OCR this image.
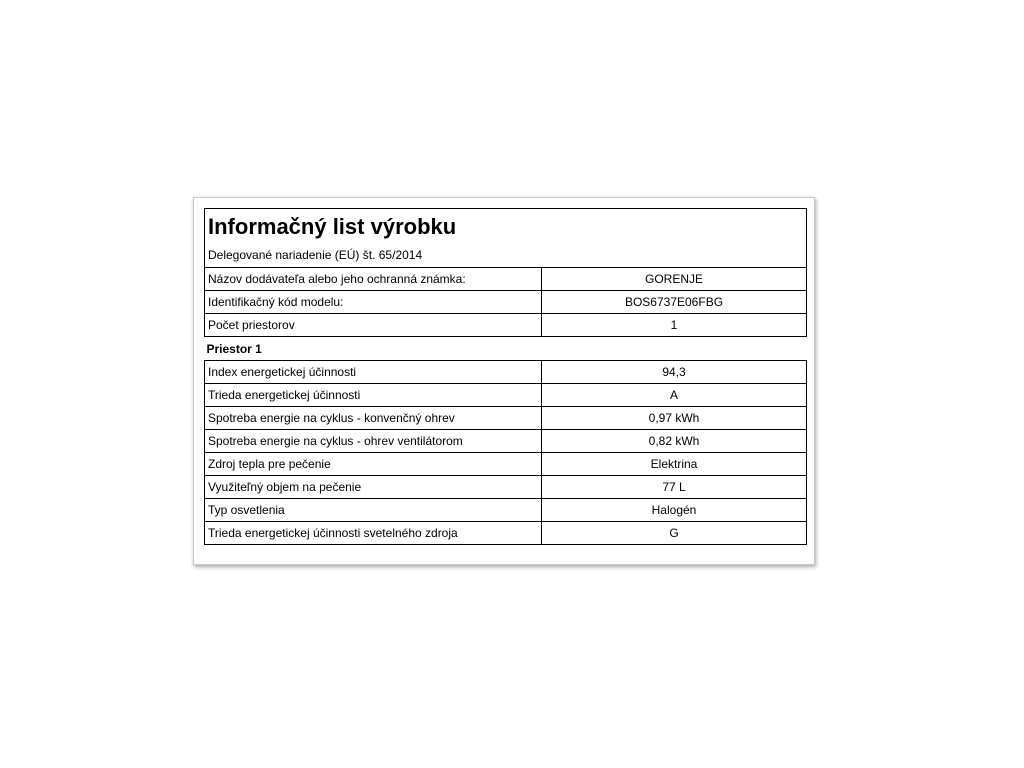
Informačný list výrobku
Delegované nariadenie (EÚ) št. 65/2014	

Názov dodávateľa alebo jeho ochranná známka:	GORENJE
Identifikačný kód modelu:	BOS6737E06FBG
Počet priestorov	1
Priestor 1	
Index energetickej účinnosti	94,3
Trieda energetickej účinnosti	A
Spotreba energie na cyklus - konvenčný ohrev	0,97 kWh
Spotreba energie na cyklus - ohrev ventilátorom	0,82 kWh
Zdroj tepla pre pečenie	Elektrina
Využiteľný objem na pečenie	77 L
Typ osvetlenia	Halogén
Trieda energetickej účinnosti svetelného zdroja	G
